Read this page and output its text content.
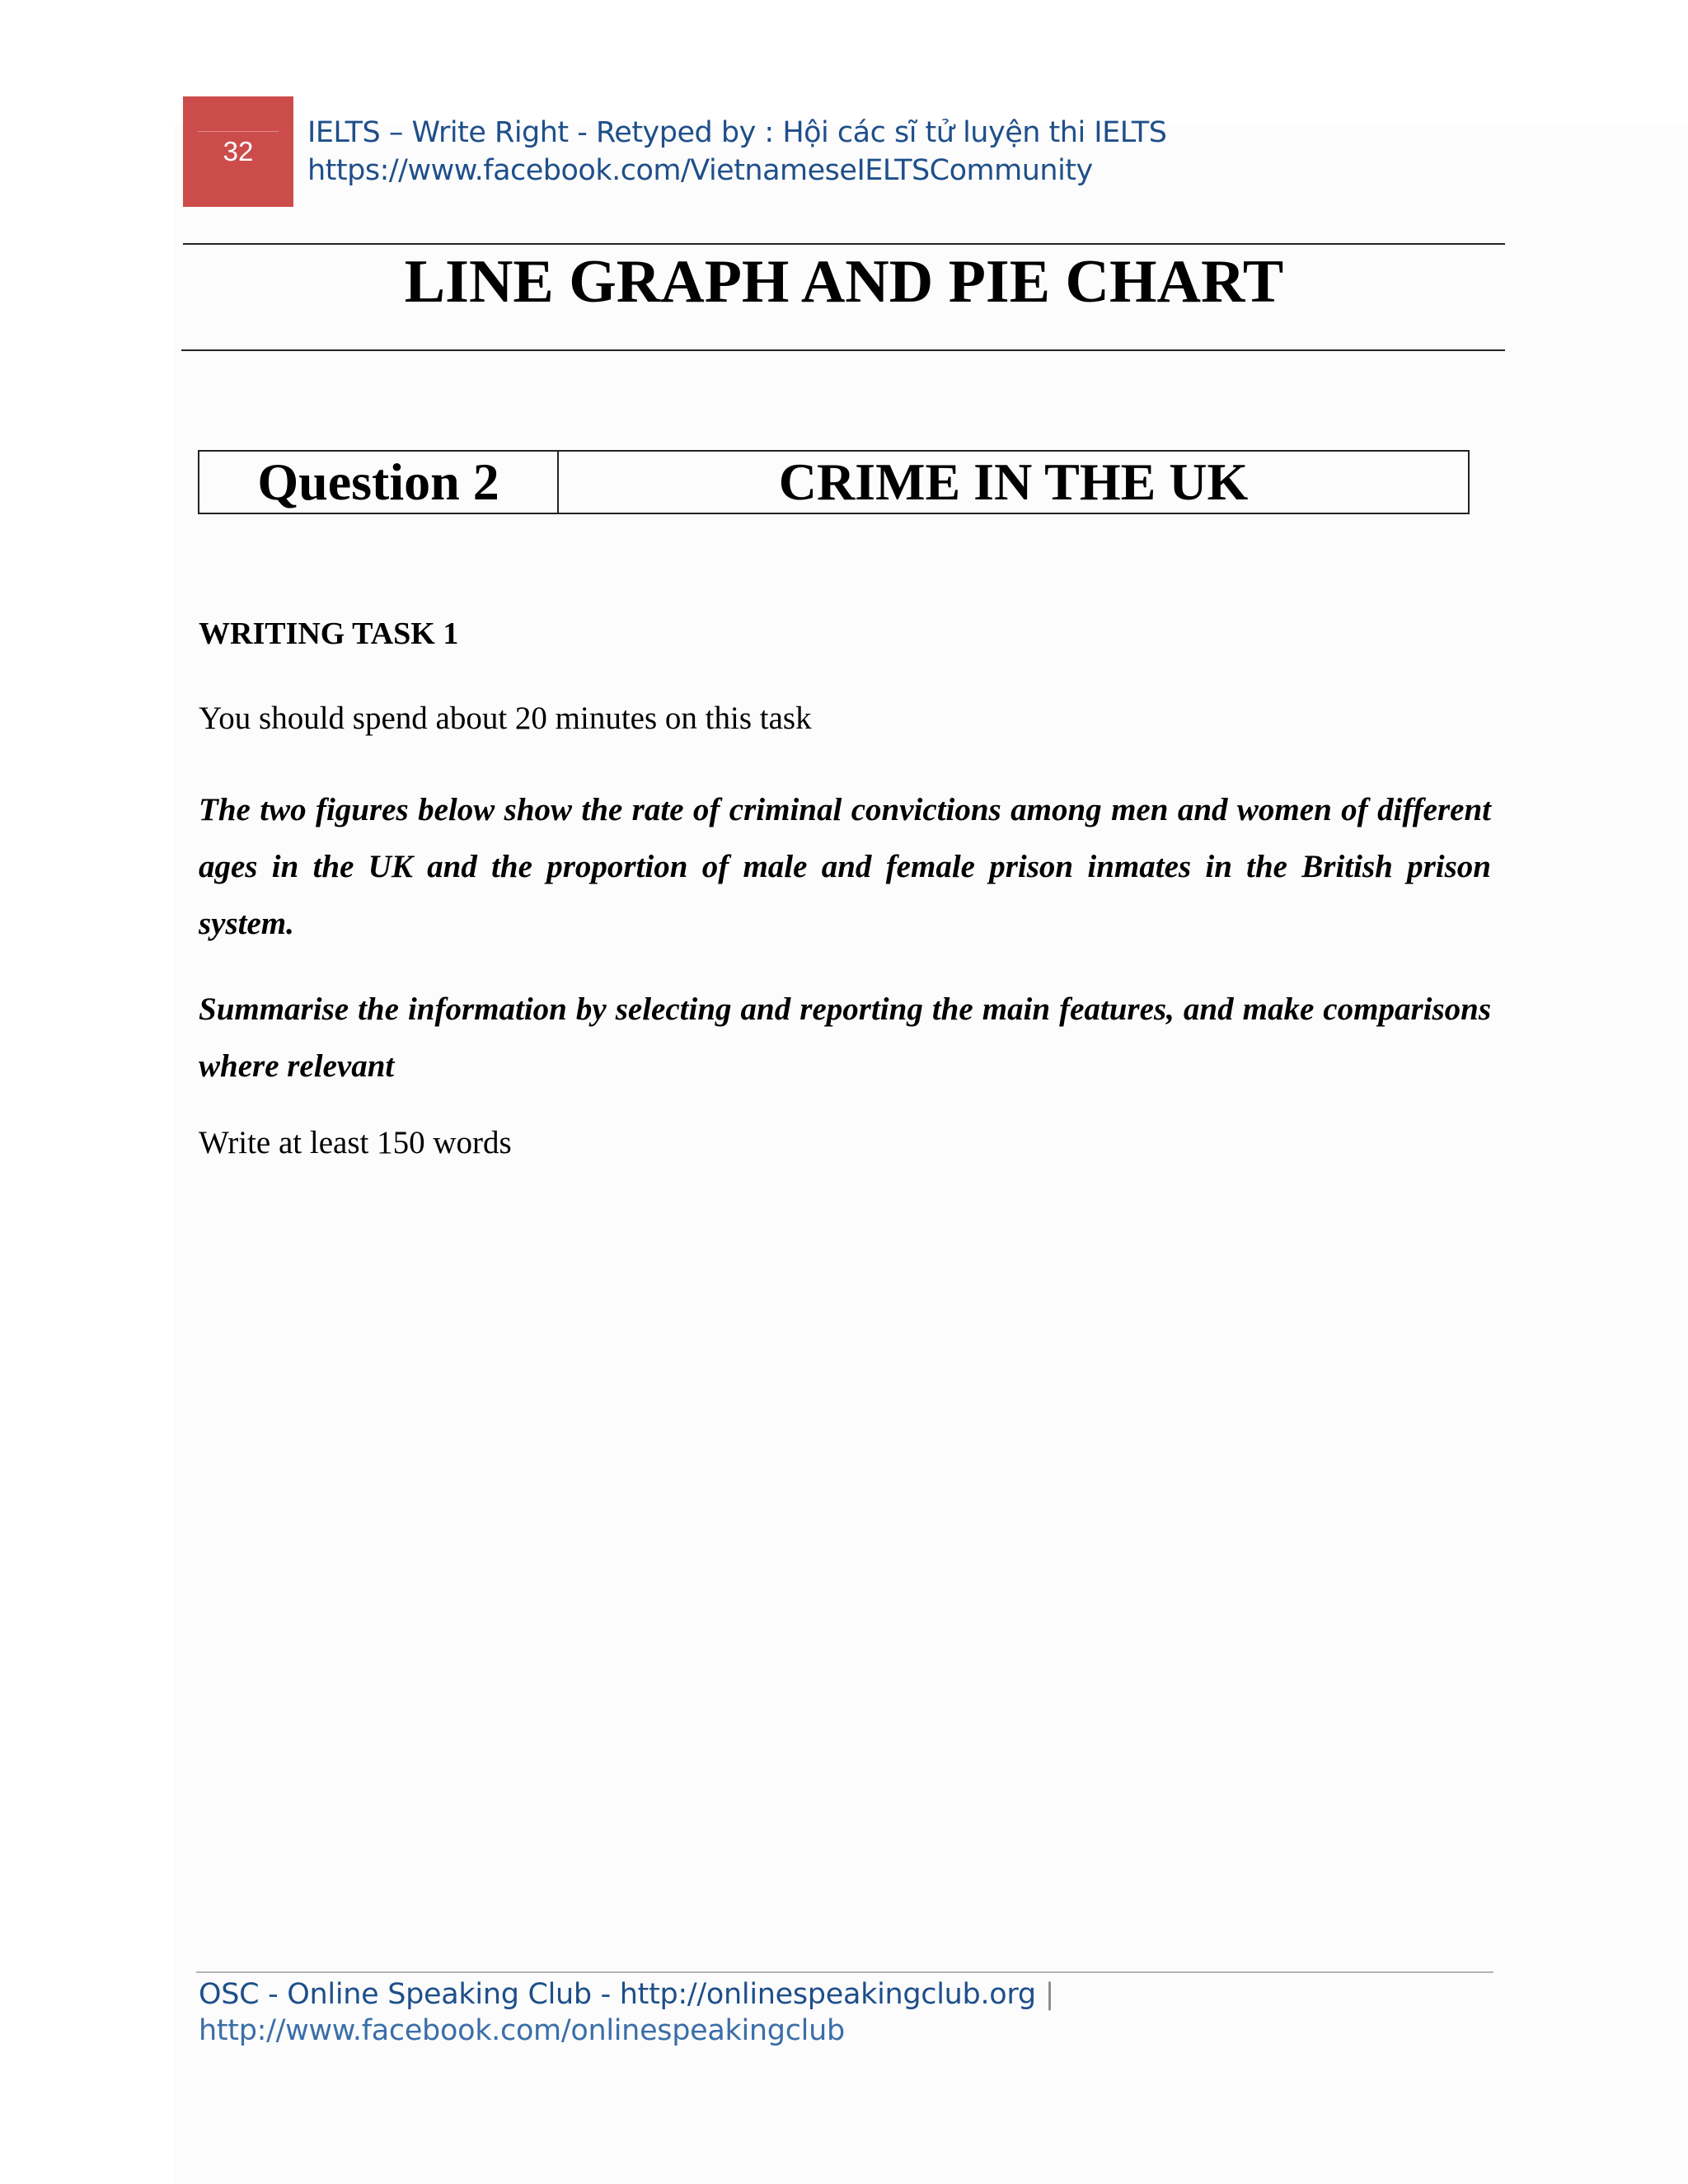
32
IELTS – Write Right - Retyped by : Hội các sĩ tử luyện thi IELTS
https://www.facebook.com/VietnameseIELTSCommunity
LINE GRAPH AND PIE CHART
Question 2	CRIME IN THE UK
WRITING TASK 1
You should spend about 20 minutes on this task
The two figures below show the rate of criminal convictions among men and women of different ages in the UK and the proportion of male and female prison inmates in the British prison system.
Summarise the information by selecting and reporting the main features, and make comparisons where relevant
Write at least 150 words
OSC - Online Speaking Club - http://onlinespeakingclub.org |
http://www.facebook.com/onlinespeakingclub
